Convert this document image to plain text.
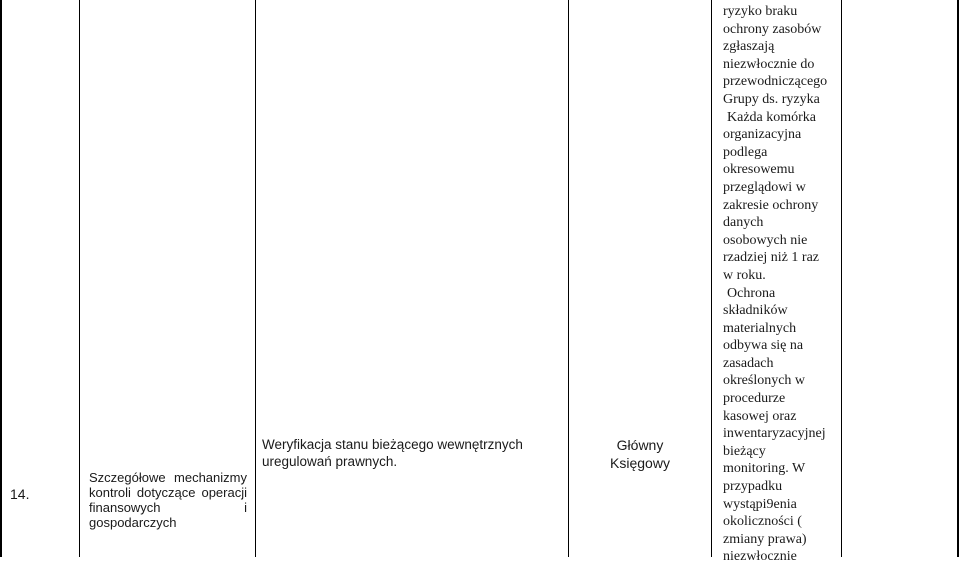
14.
Szczegółowe mechanizmy
kontroli dotyczące operacji
finansowych i
gospodarczych
Weryfikacja stanu bieżącego wewnętrznych uregulowań prawnych.
Główny
Księgowy
ryzyko braku
ochrony zasobów
zgłaszają
niezwłocznie do
przewodniczącego
Grupy ds. ryzyka
Każda komórka
organizacyjna
podlega
okresowemu
przeglądowi w
zakresie ochrony
danych
osobowych nie
rzadziej niż 1 raz
w roku.
Ochrona
składników
materialnych
odbywa się na
zasadach
określonych w
procedurze
kasowej oraz
inwentaryzacyjnej
bieżący
monitoring. W
przypadku
wystąpi9enia
okoliczności (
zmiany prawa)
niezwłocznie
